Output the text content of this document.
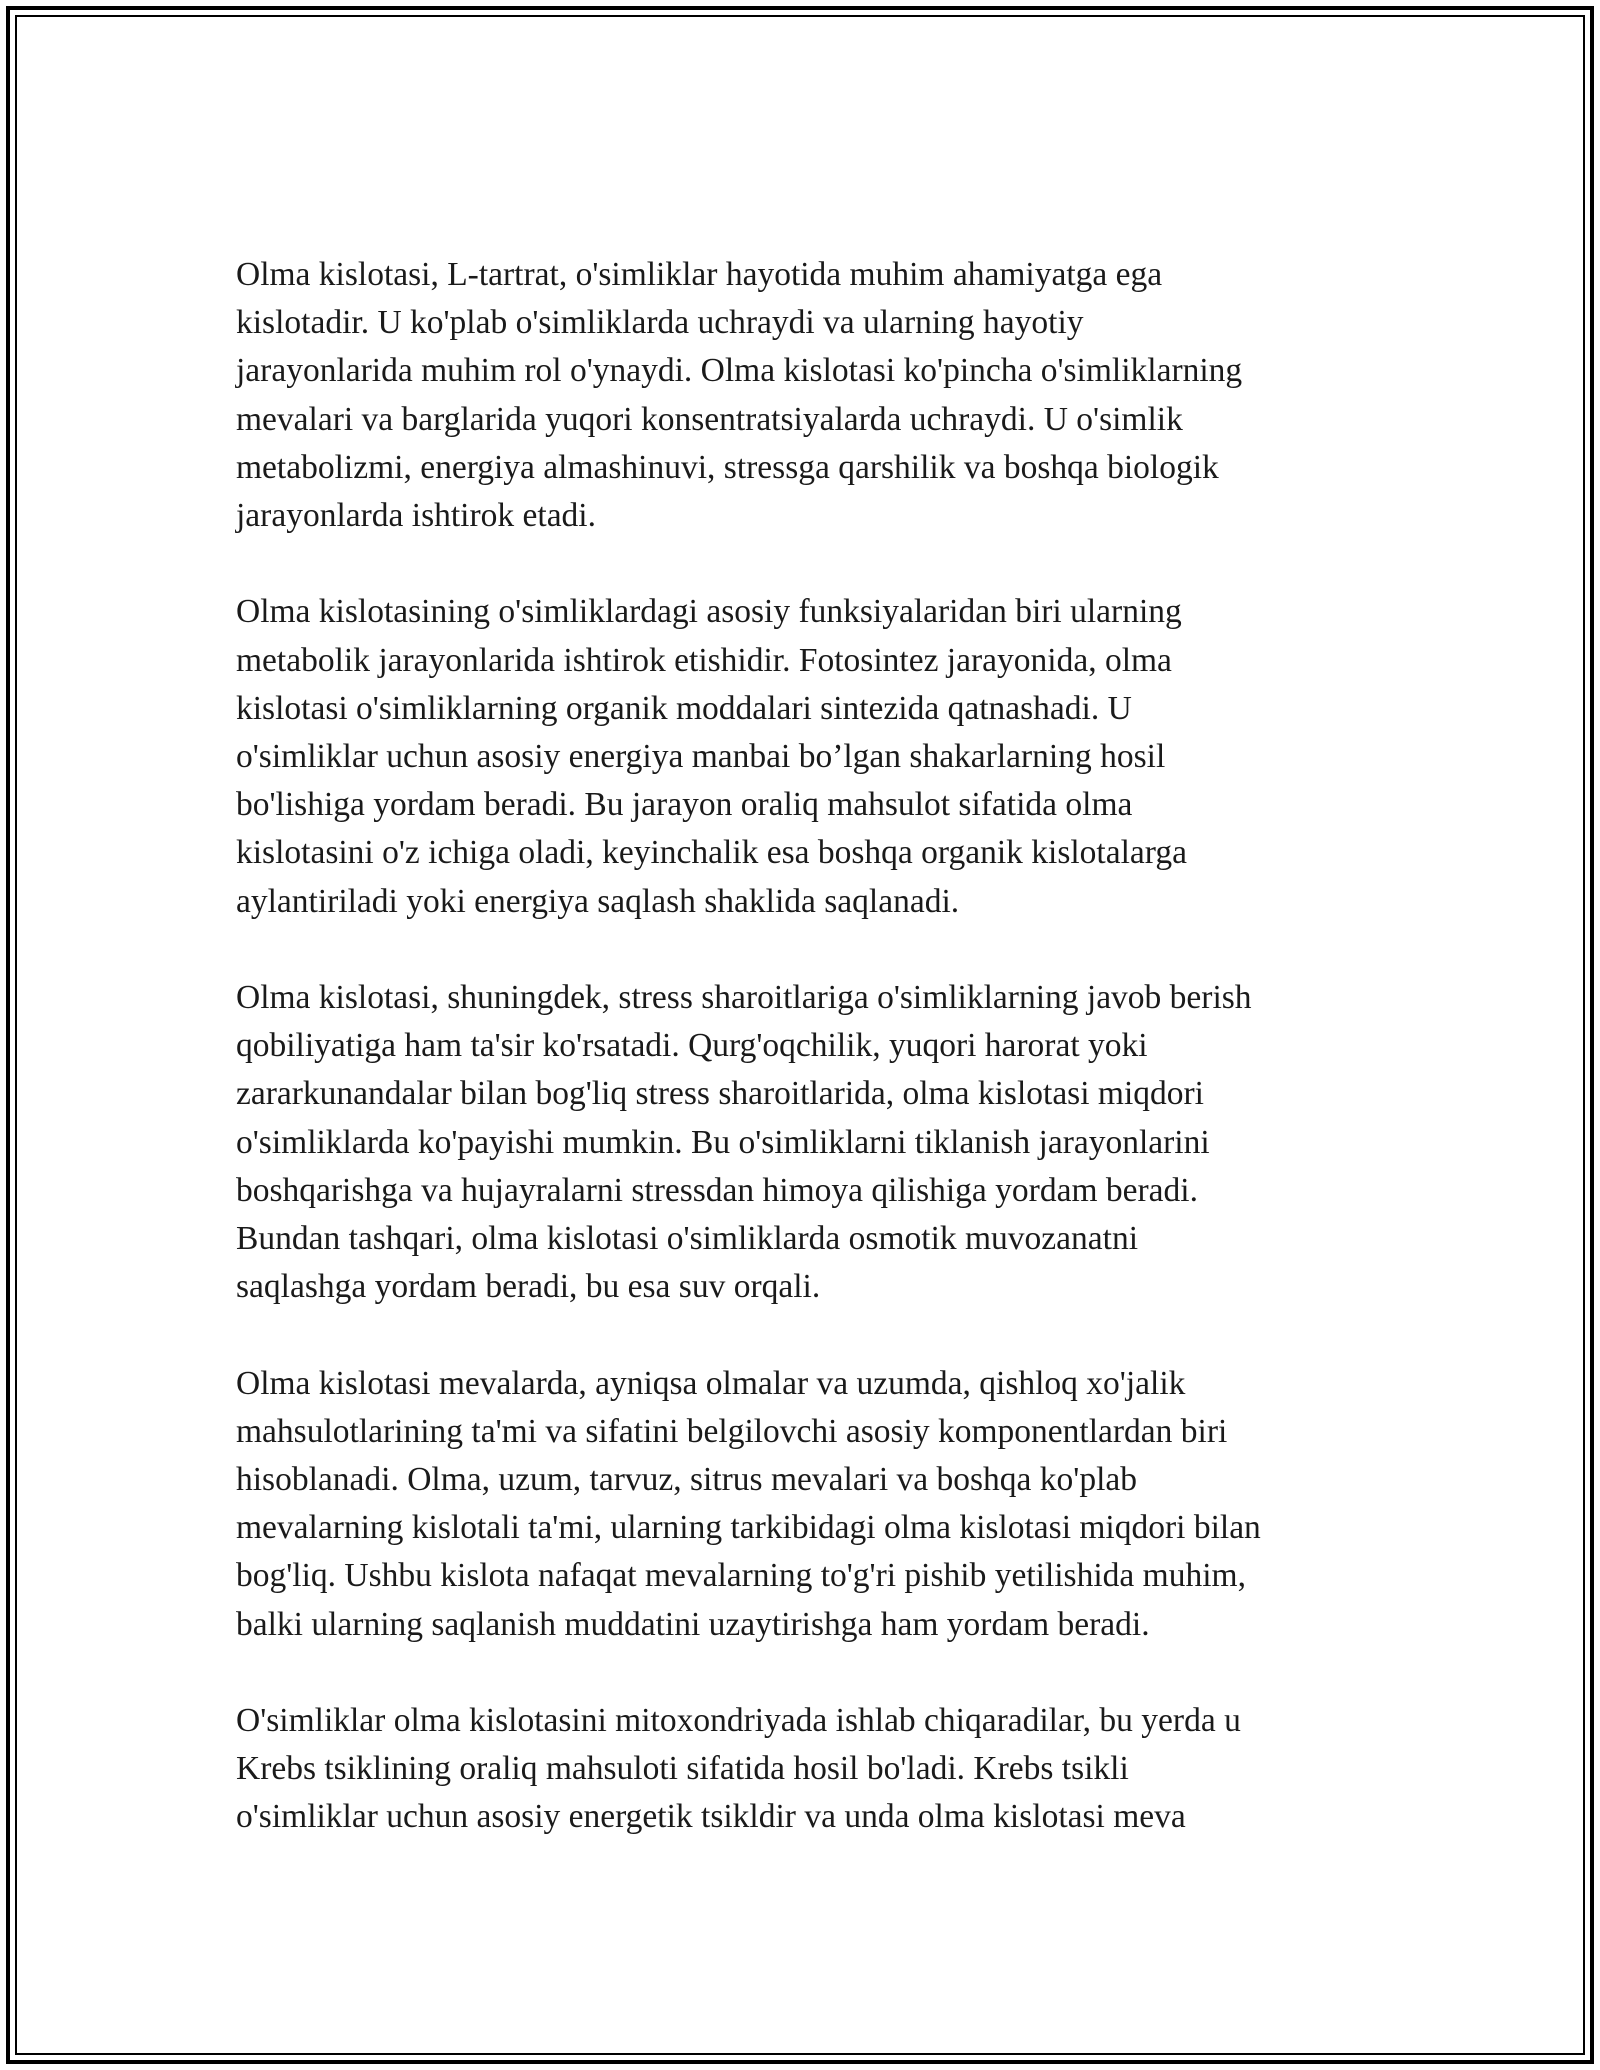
Olma kislotasi, L-tartrat, o'simliklar hayotida muhim ahamiyatga ega
kislotadir. U ko'plab o'simliklarda uchraydi va ularning hayotiy
jarayonlarida muhim rol o'ynaydi. Olma kislotasi ko'pincha o'simliklarning
mevalari va barglarida yuqori konsentratsiyalarda uchraydi. U o'simlik
metabolizmi, energiya almashinuvi, stressga qarshilik va boshqa biologik
jarayonlarda ishtirok etadi.

Olma kislotasining o'simliklardagi asosiy funksiyalaridan biri ularning
metabolik jarayonlarida ishtirok etishidir. Fotosintez jarayonida, olma
kislotasi o'simliklarning organik moddalari sintezida qatnashadi. U
o'simliklar uchun asosiy energiya manbai bo’lgan shakarlarning hosil
bo'lishiga yordam beradi. Bu jarayon oraliq mahsulot sifatida olma
kislotasini o'z ichiga oladi, keyinchalik esa boshqa organik kislotalarga
aylantiriladi yoki energiya saqlash shaklida saqlanadi.

Olma kislotasi, shuningdek, stress sharoitlariga o'simliklarning javob berish
qobiliyatiga ham ta'sir ko'rsatadi. Qurg'oqchilik, yuqori harorat yoki
zararkunandalar bilan bog'liq stress sharoitlarida, olma kislotasi miqdori
o'simliklarda ko'payishi mumkin. Bu o'simliklarni tiklanish jarayonlarini
boshqarishga va hujayralarni stressdan himoya qilishiga yordam beradi.
Bundan tashqari, olma kislotasi o'simliklarda osmotik muvozanatni
saqlashga yordam beradi, bu esa suv orqali.

Olma kislotasi mevalarda, ayniqsa olmalar va uzumda, qishloq xo'jalik
mahsulotlarining ta'mi va sifatini belgilovchi asosiy komponentlardan biri
hisoblanadi. Olma, uzum, tarvuz, sitrus mevalari va boshqa ko'plab
mevalarning kislotali ta'mi, ularning tarkibidagi olma kislotasi miqdori bilan
bog'liq. Ushbu kislota nafaqat mevalarning to'g'ri pishib yetilishida muhim,
balki ularning saqlanish muddatini uzaytirishga ham yordam beradi.

O'simliklar olma kislotasini mitoxondriyada ishlab chiqaradilar, bu yerda u
Krebs tsiklining oraliq mahsuloti sifatida hosil bo'ladi. Krebs tsikli
o'simliklar uchun asosiy energetik tsikldir va unda olma kislotasi meva
